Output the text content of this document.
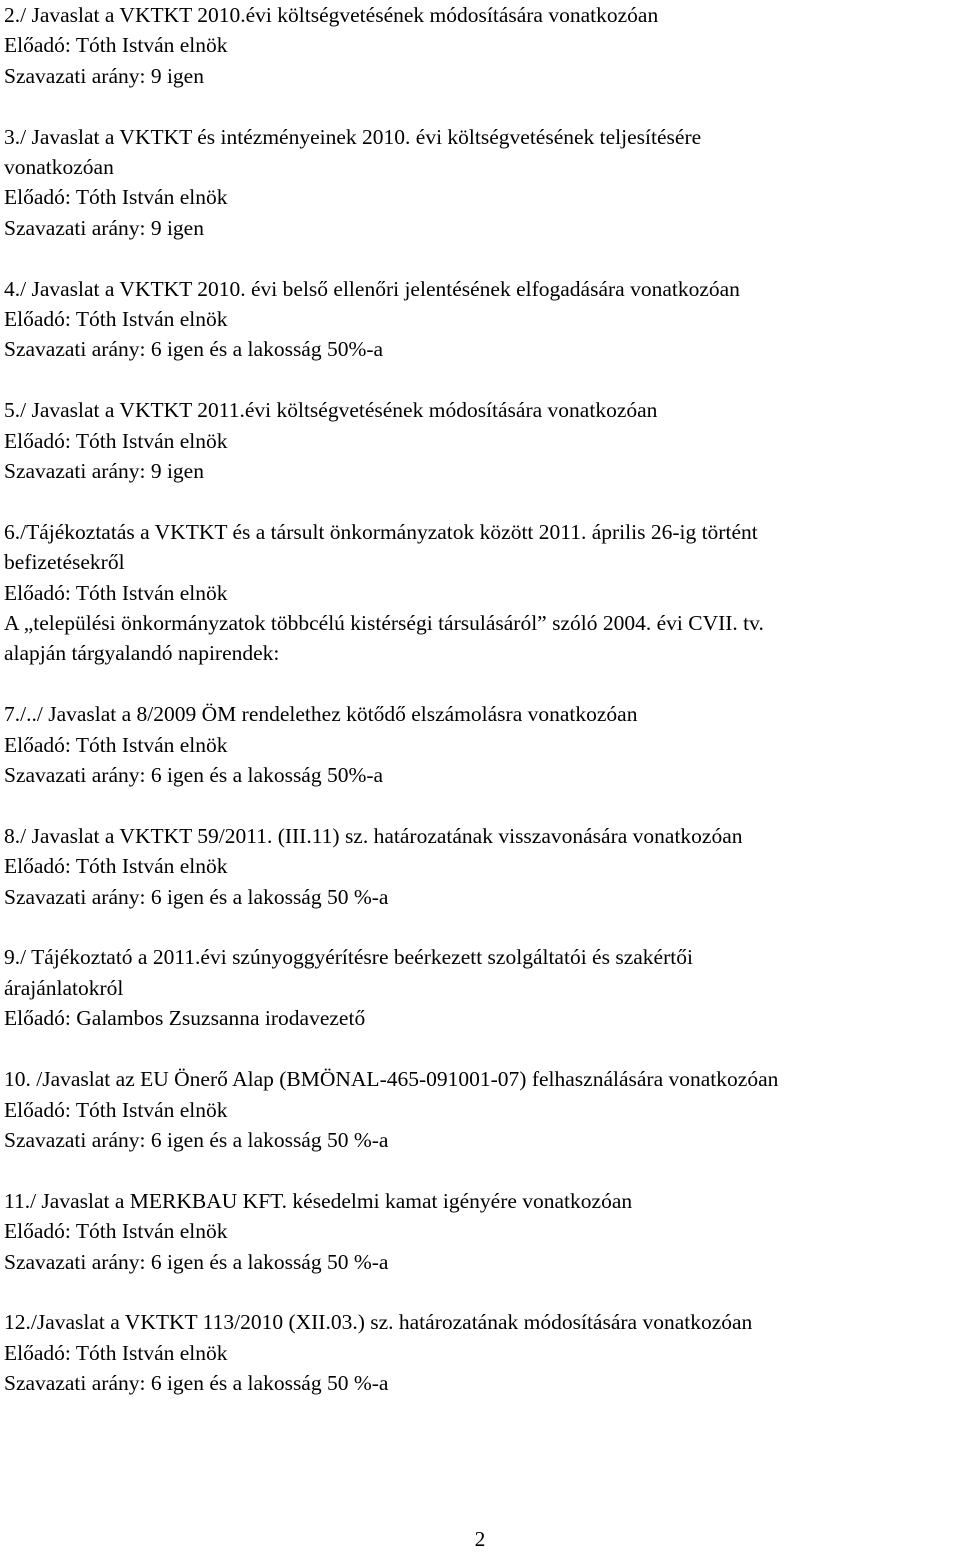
2./ Javaslat a VKTKT 2010.évi költségvetésének módosítására vonatkozóan
Előadó: Tóth István elnök
Szavazati arány: 9 igen
3./ Javaslat a VKTKT és intézményeinek 2010. évi költségvetésének teljesítésére
vonatkozóan
Előadó: Tóth István elnök
Szavazati arány: 9 igen
4./ Javaslat a VKTKT 2010. évi belső ellenőri jelentésének elfogadására vonatkozóan
Előadó: Tóth István elnök
Szavazati arány: 6 igen és a lakosság 50%-a
5./ Javaslat a VKTKT 2011.évi költségvetésének módosítására vonatkozóan
Előadó: Tóth István elnök
Szavazati arány: 9 igen
6./Tájékoztatás a VKTKT és a társult önkormányzatok között 2011. április 26-ig történt
befizetésekről
Előadó: Tóth István elnök
A „települési önkormányzatok többcélú kistérségi társulásáról” szóló 2004. évi CVII. tv.
alapján tárgyalandó napirendek:
7./../ Javaslat a 8/2009 ÖM rendelethez kötődő elszámolásra vonatkozóan
Előadó: Tóth István elnök
Szavazati arány: 6 igen és a lakosság 50%-a
8./ Javaslat a VKTKT 59/2011. (III.11) sz. határozatának visszavonására vonatkozóan
Előadó: Tóth István elnök
Szavazati arány: 6 igen és a lakosság 50 %-a
9./ Tájékoztató a 2011.évi szúnyoggyérítésre beérkezett szolgáltatói és szakértői
árajánlatokról
Előadó: Galambos Zsuzsanna irodavezető
10. /Javaslat az EU Önerő Alap (BMÖNAL-465-091001-07) felhasználására vonatkozóan
Előadó: Tóth István elnök
Szavazati arány: 6 igen és a lakosság 50 %-a
11./ Javaslat a MERKBAU KFT. késedelmi kamat igényére vonatkozóan
Előadó: Tóth István elnök
Szavazati arány: 6 igen és a lakosság 50 %-a
12./Javaslat a VKTKT 113/2010 (XII.03.) sz. határozatának módosítására vonatkozóan
Előadó: Tóth István elnök
Szavazati arány: 6 igen és a lakosság 50 %-a
2
